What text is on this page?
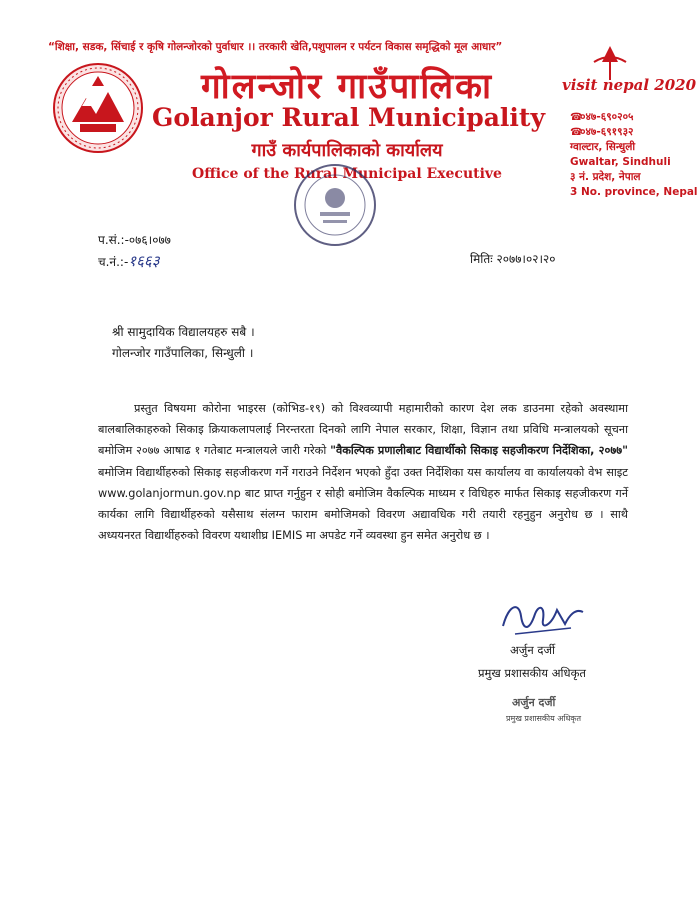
“शिक्षा, सडक, सिंचाई र कृषि गोलन्जोरको पुर्वाधार ।। तरकारी खेति,पशुपालन र पर्यटन विकास समृद्धिको मूल आधार”
गोलन्जोर गाउँपालिका
Golanjor Rural Municipality
गाउँ कार्यपालिकाको कार्यालय
Office of the Rural Municipal Executive
visit nepal 2020
☎०४७-६९०२०५
☎०४७-६९१९३२
ग्वाल्टार, सिन्धुली
Gwaltar, Sindhuli
३ नं. प्रदेश, नेपाल
3 No. province, Nepal
प.सं.:-०७६।०७७
च.नं.:-१६६३	मितिः २०७७।०२।२०
श्री सामुदायिक विद्यालयहरु सबै ।
गोलन्जोर गाउँपालिका, सिन्धुली ।
प्रस्तुत विषयमा कोरोना भाइरस (कोभिड-१९) को विश्वव्यापी महामारीको कारण देश लक डाउनमा रहेको अवस्थामा बालबालिकाहरुको सिकाइ क्रियाकलापलाई निरन्तरता दिनको लागि नेपाल सरकार, शिक्षा, विज्ञान तथा प्रविधि मन्त्रालयको सूचना बमोजिम २०७७ आषाढ १ गतेबाट मन्त्रालयले जारी गरेको "वैकल्पिक प्रणालीबाट विद्यार्थीको सिकाइ सहजीकरण निर्देशिका, २०७७" बमोजिम विद्यार्थीहरुको सिकाइ सहजीकरण गर्ने गराउने निर्देशन भएको हुँदा उक्त निर्देशिका यस कार्यालय वा कार्यालयको वेभ साइट www.golanjormun.gov.np बाट प्राप्त गर्नुहुन र सोही बमोजिम वैकल्पिक माध्यम र विधिहरु मार्फत सिकाइ सहजीकरण गर्ने कार्यका लागि विद्यार्थीहरुको यसैसाथ संलग्न फाराम बमोजिमको विवरण अद्यावधिक गरी तयारी रहनुहुन अनुरोध छ । साथै अध्ययनरत विद्यार्थीहरुको विवरण यथाशीघ्र IEMIS मा अपडेट गर्ने व्यवस्था हुन समेत अनुरोध छ ।
अर्जुन दर्जी
प्रमुख प्रशासकीय अधिकृत
अर्जुन दर्जी
प्रमुख प्रशासकीय अधिकृत
